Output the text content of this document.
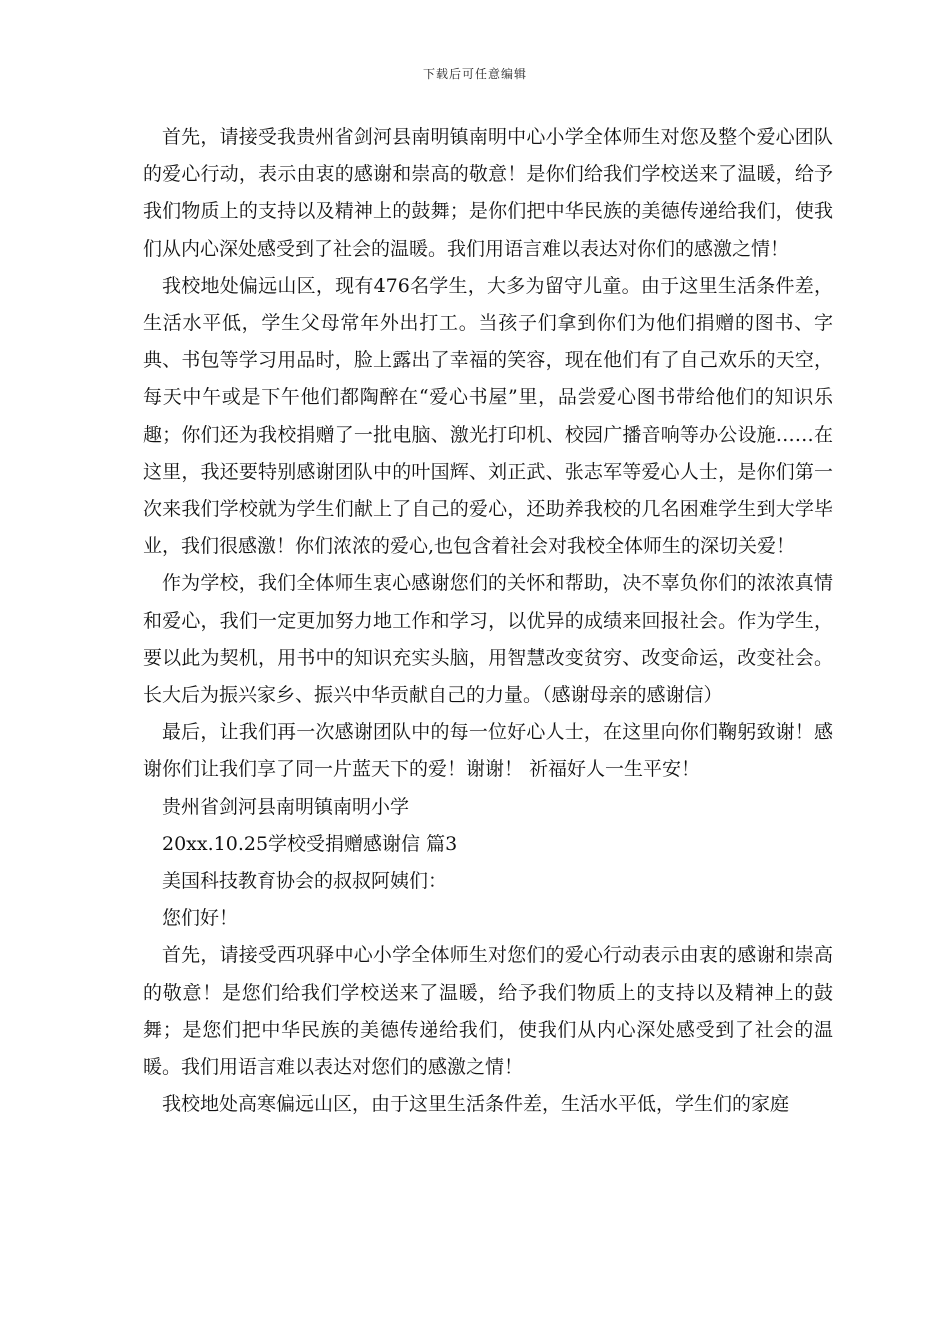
下载后可任意编辑

首先，请接受我贵州省剑河县南明镇南明中心小学全体师生对您及整个爱心团队的爱心行动，表示由衷的感谢和崇高的敬意！是你们给我们学校送来了温暖，给予我们物质上的支持以及精神上的鼓舞；是你们把中华民族的美德传递给我们，使我们从内心深处感受到了社会的温暖。我们用语言难以表达对你们的感激之情！

我校地处偏远山区，现有476名学生，大多为留守儿童。由于这里生活条件差，生活水平低，学生父母常年外出打工。当孩子们拿到你们为他们捐赠的图书、字典、书包等学习用品时，脸上露出了幸福的笑容，现在他们有了自己欢乐的天空，每天中午或是下午他们都陶醉在“爱心书屋”里，品尝爱心图书带给他们的知识乐趣；你们还为我校捐赠了一批电脑、激光打印机、校园广播音响等办公设施……在这里，我还要特别感谢团队中的叶国辉、刘正武、张志军等爱心人士，是你们第一次来我们学校就为学生们献上了自己的爱心，还助养我校的几名困难学生到大学毕业，我们很感激！你们浓浓的爱心,也包含着社会对我校全体师生的深切关爱！

作为学校，我们全体师生衷心感谢您们的关怀和帮助，决不辜负你们的浓浓真情和爱心，我们一定更加努力地工作和学习，以优异的成绩来回报社会。作为学生，要以此为契机，用书中的知识充实头脑，用智慧改变贫穷、改变命运，改变社会。长大后为振兴家乡、振兴中华贡献自己的力量。（感谢母亲的感谢信）

最后，让我们再一次感谢团队中的每一位好心人士，在这里向你们鞠躬致谢！感谢你们让我们享了同一片蓝天下的爱！谢谢！ 祈福好人一生平安！

贵州省剑河县南明镇南明小学

20xx.10.25学校受捐赠感谢信 篇3

美国科技教育协会的叔叔阿姨们：

您们好！

首先，请接受西巩驿中心小学全体师生对您们的爱心行动表示由衷的感谢和崇高的敬意！是您们给我们学校送来了温暖，给予我们物质上的支持以及精神上的鼓舞；是您们把中华民族的美德传递给我们，使我们从内心深处感受到了社会的温暖。我们用语言难以表达对您们的感激之情！

我校地处高寒偏远山区，由于这里生活条件差，生活水平低，学生们的家庭
